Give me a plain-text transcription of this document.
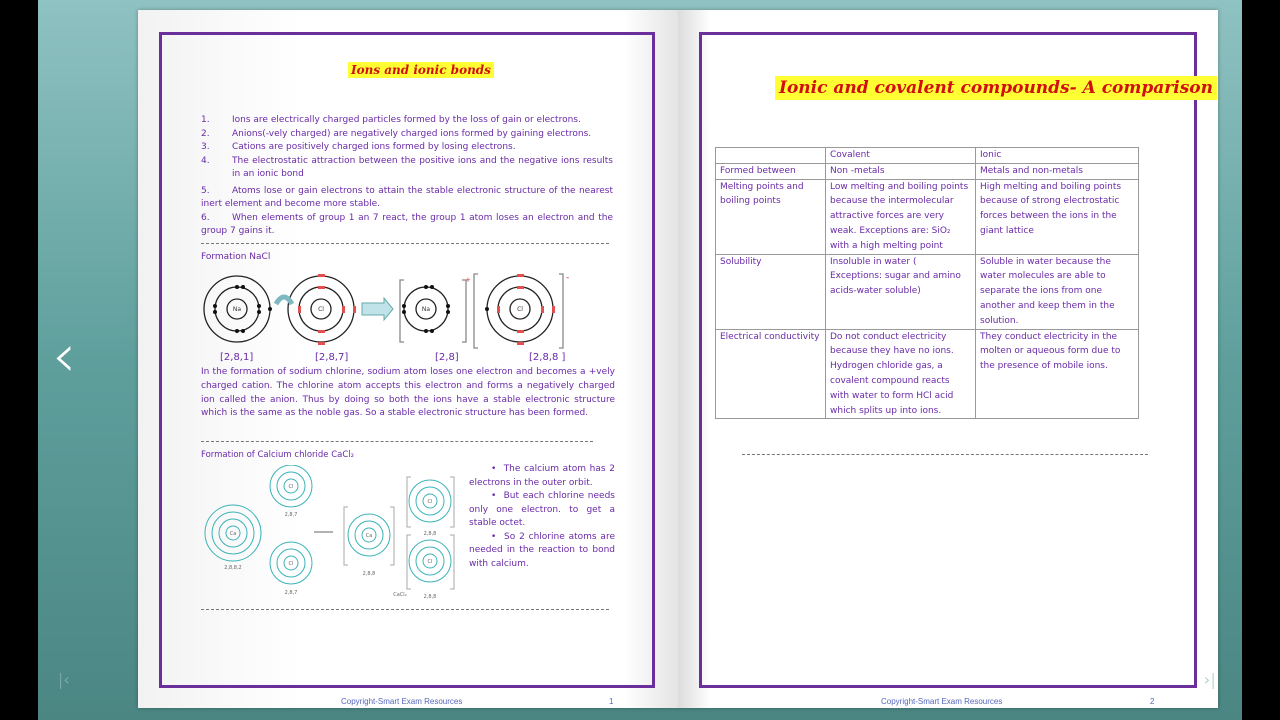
Ions and ionic bonds
1.	Ions are electrically charged particles formed by the loss of gain or electrons.
2.	Anions(-vely charged) are negatively charged ions formed by gaining electrons.
3.	Cations are positively charged ions formed by losing electrons.
4.	The electrostatic attraction between the positive ions and the negative ions results in an ionic bond
5. Atoms lose or gain electrons to attain the stable electronic structure of the nearest inert element and become more stable.
6. When elements of group 1 an 7 react, the group 1 atom loses an electron and the group 7 gains it.
Formation NaCl
Na	Cl	Na	Cl
+	-
[2,8,1]	[2,8,7]	[2,8]	[2,8,8 ]
In the formation of sodium chlorine, sodium atom loses one electron and becomes a +vely charged cation. The chlorine atom accepts this electron and forms a negatively charged ion called the anion. Thus by doing so both the ions have a stable electronic structure which is the same as the noble gas. So a stable electronic structure has been formed.
Formation of Calcium chloride CaCl₂
Ca
2,8,8,2
Cl
2,8,7
Cl
2,8,7
Ca
2,8,8
Cl
2,8,8
Cl
2,8,8
CaCl₂
•  The calcium atom has 2 electrons in the outer orbit.
•  But each chlorine needs only one electron. to get a stable octet.
•  So 2 chlorine atoms are needed in the reaction to bond with calcium.
Copyright-Smart Exam Resources	1
Ionic and covalent compounds- A comparison
	Covalent	Ionic
Formed between	Non -metals	Metals and non-metals
Melting points and boiling points	Low melting and boiling points because the intermolecular attractive forces are very weak. Exceptions are: SiO₂ with a high melting point	High melting and boiling points because of strong electrostatic forces between the ions in the giant lattice
Solubility	Insoluble in water ( Exceptions: sugar and amino acids-water soluble)	Soluble in water because the water molecules are able to separate the ions from one another and keep them in the solution.
Electrical conductivity	Do not conduct electricity because they have no ions. Hydrogen chloride gas, a covalent compound reacts with water to form HCl acid which splits up into ions.	They conduct electricity in the molten or aqueous form due to the presence of mobile ions.
Copyright-Smart Exam Resources	2
‹	›
|‹	›|
